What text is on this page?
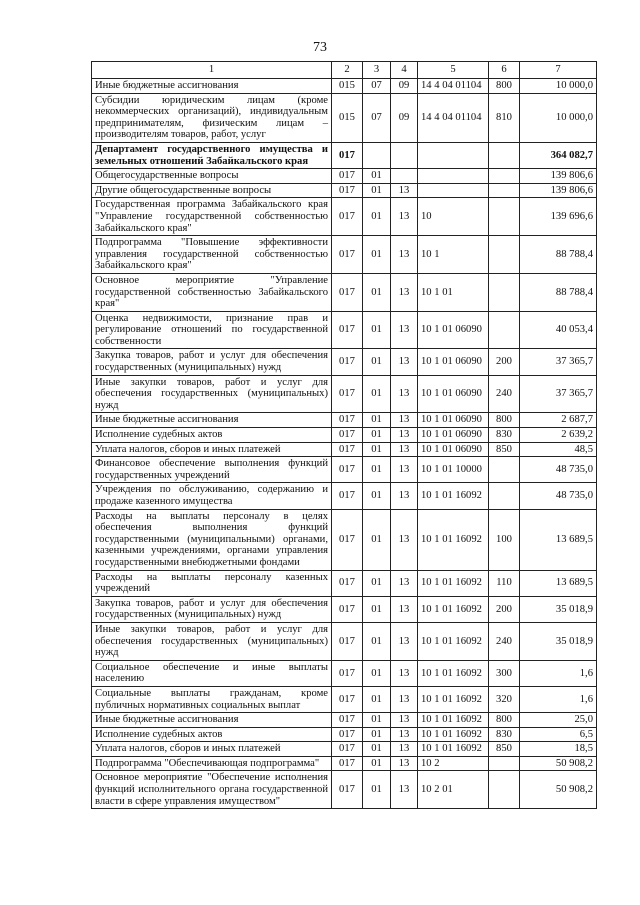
73
1	2	3	4	5	6	7
Иные бюджетные ассигнования	015	07	09	14 4 04 01104	800	10 000,0
Субсидии юридическим лицам (кроме некоммерческих организаций), индивидуальным предпринимателям, физическим лицам – производителям товаров, работ, услуг	015	07	09	14 4 04 01104	810	10 000,0
Департамент государственного имущества и земельных отношений Забайкальского края	017					364 082,7
Общегосударственные вопросы	017	01				139 806,6
Другие общегосударственные вопросы	017	01	13			139 806,6
Государственная программа Забайкальского края "Управление государственной собственностью Забайкальского края"	017	01	13	10		139 696,6
Подпрограмма "Повышение эффективности управления государственной собственностью Забайкальского края"	017	01	13	10 1		88 788,4
Основное мероприятие "Управление государственной собственностью Забайкальского края"	017	01	13	10 1 01		88 788,4
Оценка недвижимости, признание прав и регулирование отношений по государственной собственности	017	01	13	10 1 01 06090		40 053,4
Закупка товаров, работ и услуг для обеспечения государственных (муниципальных) нужд	017	01	13	10 1 01 06090	200	37 365,7
Иные закупки товаров, работ и услуг для обеспечения государственных (муниципальных) нужд	017	01	13	10 1 01 06090	240	37 365,7
Иные бюджетные ассигнования	017	01	13	10 1 01 06090	800	2 687,7
Исполнение судебных актов	017	01	13	10 1 01 06090	830	2 639,2
Уплата налогов, сборов и иных платежей	017	01	13	10 1 01 06090	850	48,5
Финансовое обеспечение выполнения функций государственных учреждений	017	01	13	10 1 01 10000		48 735,0
Учреждения по обслуживанию, содержанию и продаже казенного имущества	017	01	13	10 1 01 16092		48 735,0
Расходы на выплаты персоналу в целях обеспечения выполнения функций государственными (муниципальными) органами, казенными учреждениями, органами управления государственными внебюджетными фондами	017	01	13	10 1 01 16092	100	13 689,5
Расходы на выплаты персоналу казенных учреждений	017	01	13	10 1 01 16092	110	13 689,5
Закупка товаров, работ и услуг для обеспечения государственных (муниципальных) нужд	017	01	13	10 1 01 16092	200	35 018,9
Иные закупки товаров, работ и услуг для обеспечения государственных (муниципальных) нужд	017	01	13	10 1 01 16092	240	35 018,9
Социальное обеспечение и иные выплаты населению	017	01	13	10 1 01 16092	300	1,6
Социальные выплаты гражданам, кроме публичных нормативных социальных выплат	017	01	13	10 1 01 16092	320	1,6
Иные бюджетные ассигнования	017	01	13	10 1 01 16092	800	25,0
Исполнение судебных актов	017	01	13	10 1 01 16092	830	6,5
Уплата налогов, сборов и иных платежей	017	01	13	10 1 01 16092	850	18,5
Подпрограмма "Обеспечивающая подпрограмма"	017	01	13	10 2		50 908,2
Основное мероприятие "Обеспечение исполнения функций исполнительного органа государственной власти в сфере управления имуществом"	017	01	13	10 2 01		50 908,2
